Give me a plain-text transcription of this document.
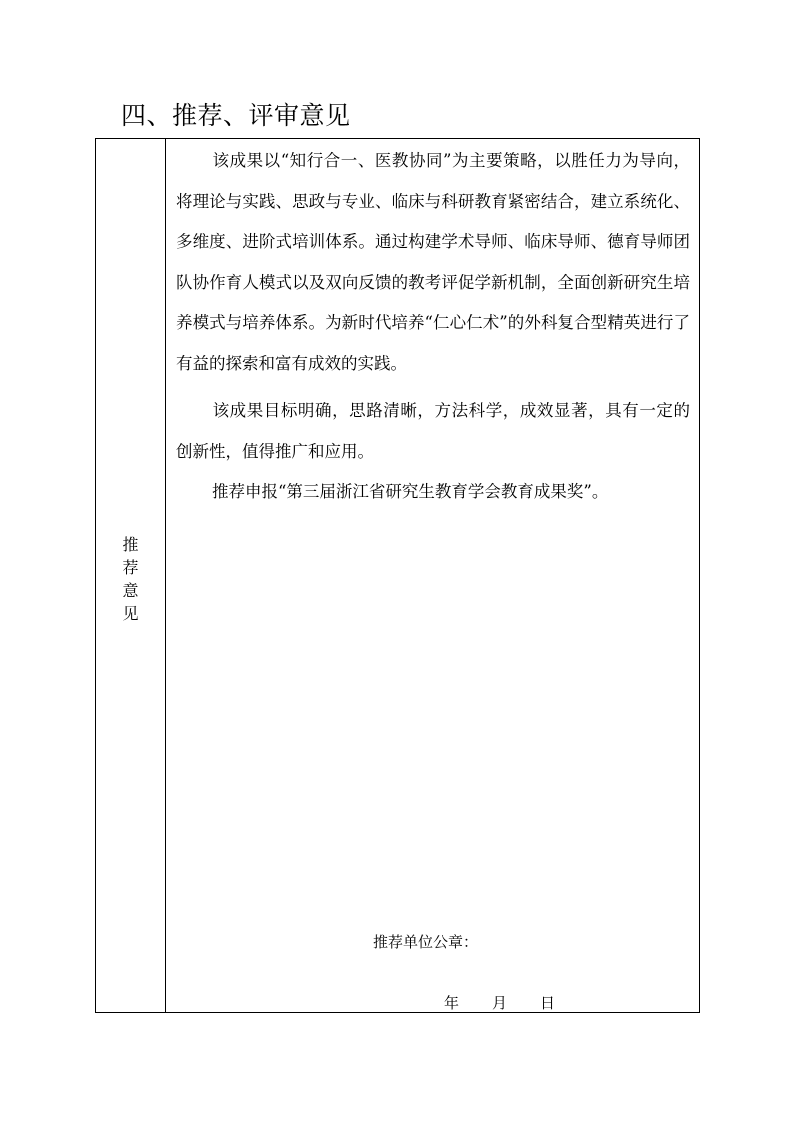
四、推荐、评审意见
推
荐
意
见

该成果以“知行合一、医教协同”为主要策略，以胜任力为导向，将理论与实践、思政与专业、临床与科研教育紧密结合，建立系统化、多维度、进阶式培训体系。通过构建学术导师、临床导师、德育导师团队协作育人模式以及双向反馈的教考评促学新机制，全面创新研究生培养模式与培养体系。为新时代培养“仁心仁术”的外科复合型精英进行了有益的探索和富有成效的实践。

该成果目标明确，思路清晰，方法科学，成效显著，具有一定的创新性，值得推广和应用。

推荐申报“第三届浙江省研究生教育学会教育成果奖”。

推荐单位公章：
年 月 日
